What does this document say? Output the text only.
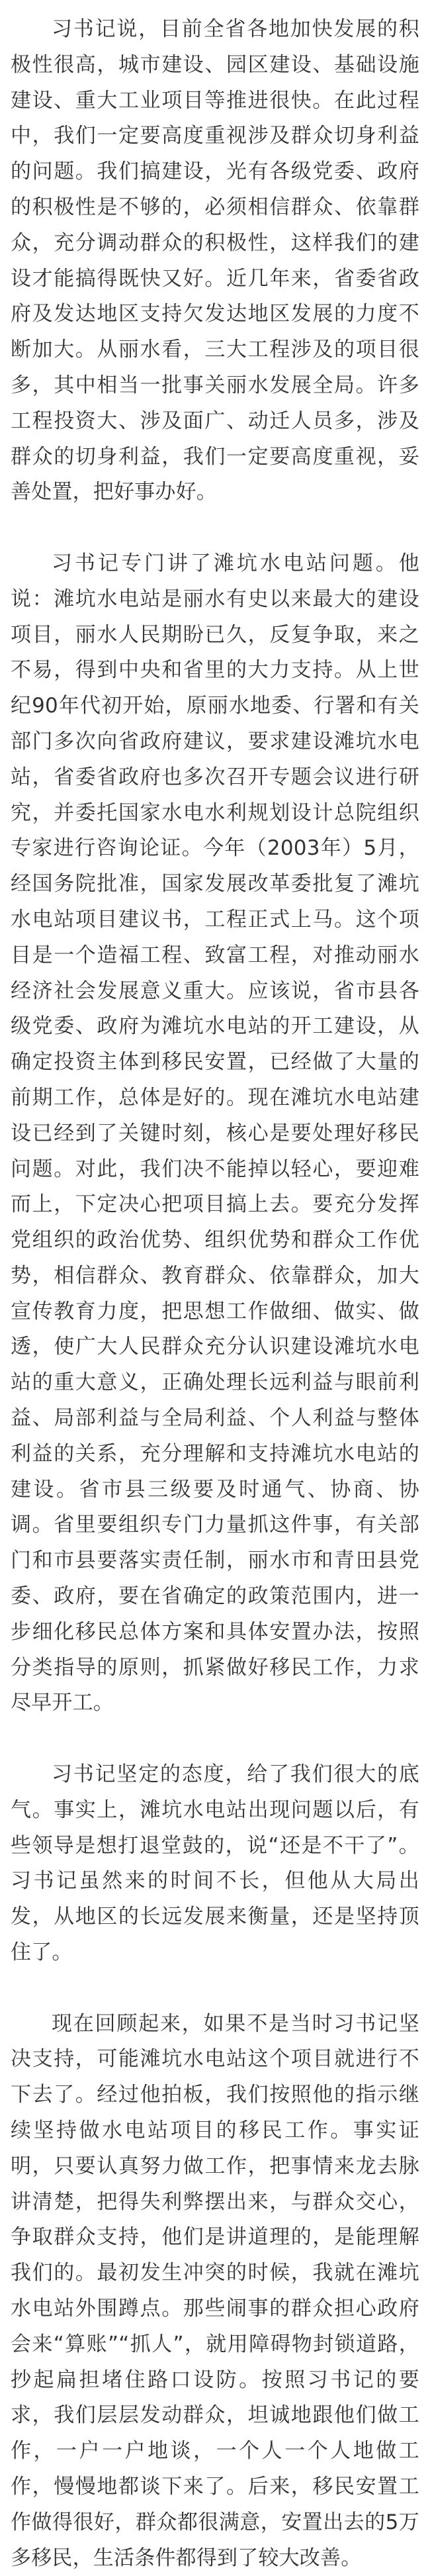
习书记说，目前全省各地加快发展的积极性很高，城市建设、园区建设、基础设施建设、重大工业项目等推进很快。在此过程中，我们一定要高度重视涉及群众切身利益的问题。我们搞建设，光有各级党委、政府的积极性是不够的，必须相信群众、依靠群众，充分调动群众的积极性，这样我们的建设才能搞得既快又好。近几年来，省委省政府及发达地区支持欠发达地区发展的力度不断加大。从丽水看，三大工程涉及的项目很多，其中相当一批事关丽水发展全局。许多工程投资大、涉及面广、动迁人员多，涉及群众的切身利益，我们一定要高度重视，妥善处置，把好事办好。

习书记专门讲了滩坑水电站问题。他说：滩坑水电站是丽水有史以来最大的建设项目，丽水人民期盼已久，反复争取，来之不易，得到中央和省里的大力支持。从上世纪90年代初开始，原丽水地委、行署和有关部门多次向省政府建议，要求建设滩坑水电站，省委省政府也多次召开专题会议进行研究，并委托国家水电水利规划设计总院组织专家进行咨询论证。今年（2003年）5月，经国务院批准，国家发展改革委批复了滩坑水电站项目建议书，工程正式上马。这个项目是一个造福工程、致富工程，对推动丽水经济社会发展意义重大。应该说，省市县各级党委、政府为滩坑水电站的开工建设，从确定投资主体到移民安置，已经做了大量的前期工作，总体是好的。现在滩坑水电站建设已经到了关键时刻，核心是要处理好移民问题。对此，我们决不能掉以轻心，要迎难而上，下定决心把项目搞上去。要充分发挥党组织的政治优势、组织优势和群众工作优势，相信群众、教育群众、依靠群众，加大宣传教育力度，把思想工作做细、做实、做透，使广大人民群众充分认识建设滩坑水电站的重大意义，正确处理长远利益与眼前利益、局部利益与全局利益、个人利益与整体利益的关系，充分理解和支持滩坑水电站的建设。省市县三级要及时通气、协商、协调。省里要组织专门力量抓这件事，有关部门和市县要落实责任制，丽水市和青田县党委、政府，要在省确定的政策范围内，进一步细化移民总体方案和具体安置办法，按照分类指导的原则，抓紧做好移民工作，力求尽早开工。

习书记坚定的态度，给了我们很大的底气。事实上，滩坑水电站出现问题以后，有些领导是想打退堂鼓的，说“还是不干了”。习书记虽然来的时间不长，但他从大局出发，从地区的长远发展来衡量，还是坚持顶住了。

现在回顾起来，如果不是当时习书记坚决支持，可能滩坑水电站这个项目就进行不下去了。经过他拍板，我们按照他的指示继续坚持做水电站项目的移民工作。事实证明，只要认真努力做工作，把事情来龙去脉讲清楚，把得失利弊摆出来，与群众交心，争取群众支持，他们是讲道理的，是能理解我们的。最初发生冲突的时候，我就在滩坑水电站外围蹲点。那些闹事的群众担心政府会来“算账”“抓人”，就用障碍物封锁道路，抄起扁担堵住路口设防。按照习书记的要求，我们层层发动群众，坦诚地跟他们做工作，一户一户地谈，一个人一个人地做工作，慢慢地都谈下来了。后来，移民安置工作做得很好，群众都很满意，安置出去的5万多移民，生活条件都得到了较大改善。
